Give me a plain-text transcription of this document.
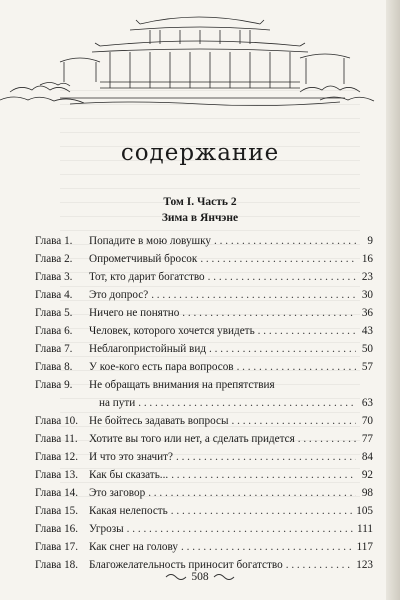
содержание
Том I. Часть 2
Зима в Янчэне
Глава 1.	Попадите в мою ловушку . . .	9
Глава 2.	Опрометчивый бросок . . .	16
Глава 3.	Тот, кто дарит богатство . . .	23
Глава 4.	Это допрос? . . .	30
Глава 5.	Ничего не понятно . . .	36
Глава 6.	Человек, которого хочется увидеть . . .	43
Глава 7.	Неблагопристойный вид . . .	50
Глава 8.	У кое-кого есть пара вопросов . . .	57
Глава 9.	Не обращать внимания на препятствия
на пути . . .	63
Глава 10. Не бойтесь задавать вопросы . . .	70
Глава 11.	Хотите вы того или нет, а сделать придется . . .	77
Глава 12. И что это значит? . . .	84
Глава 13. Как бы сказать... . . .	92
Глава 14. Это заговор . . .	98
Глава 15. Какая нелепость . . .	105
Глава 16. Угрозы . . .	111
Глава 17. Как снег на голову . . .	117
Глава 18. Благожелательность приносит богатство . . .	123
508
